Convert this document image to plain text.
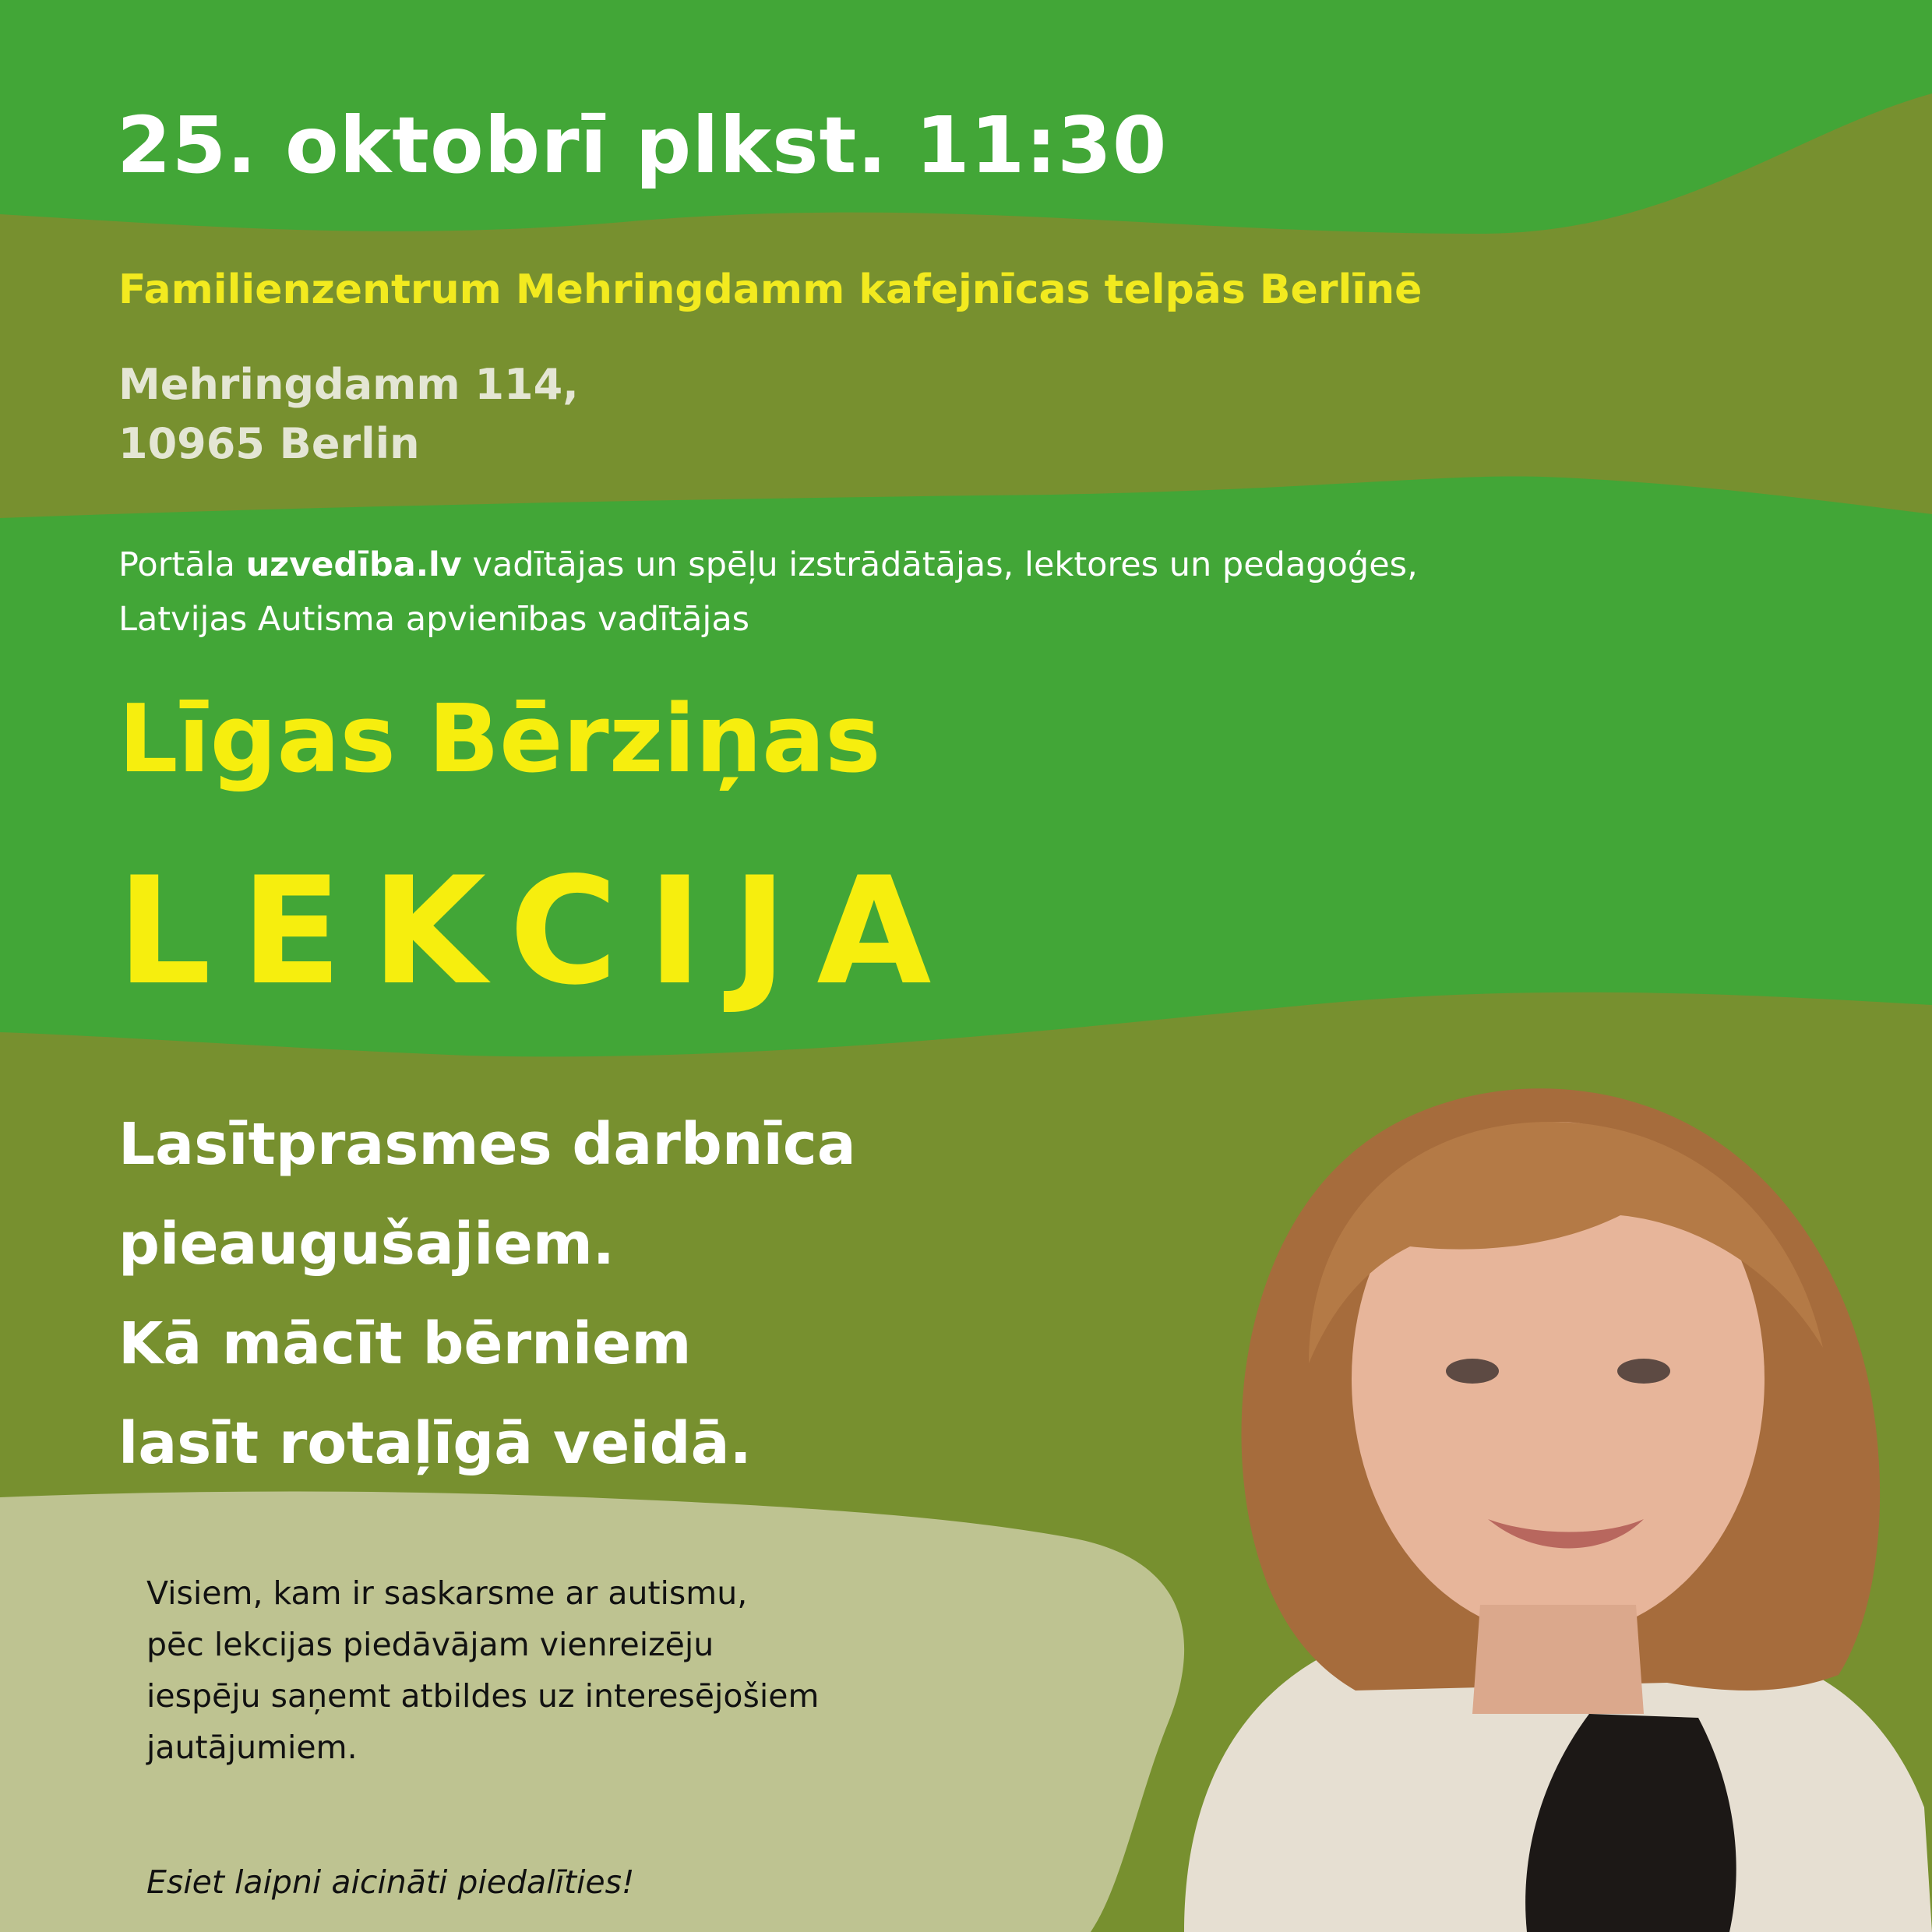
25. oktobrī plkst. 11:30
Familienzentrum Mehringdamm kafejnīcas telpās Berlīnē
Mehringdamm 114,
10965 Berlin
Portāla uzvedība.lv vadītājas un spēļu izstrādātājas, lektores un pedagoģes,
Latvijas Autisma apvienības vadītājas
Līgas Bērziņas
LEKCIJA
Lasītprasmes darbnīca
pieaugušajiem.
Kā mācīt bērniem
lasīt rotaļīgā veidā.
Visiem, kam ir saskarsme ar autismu,
pēc lekcijas piedāvājam vienreizēju
iespēju saņemt atbildes uz interesējošiem
jautājumiem.
Esiet laipni aicināti piedalīties!
